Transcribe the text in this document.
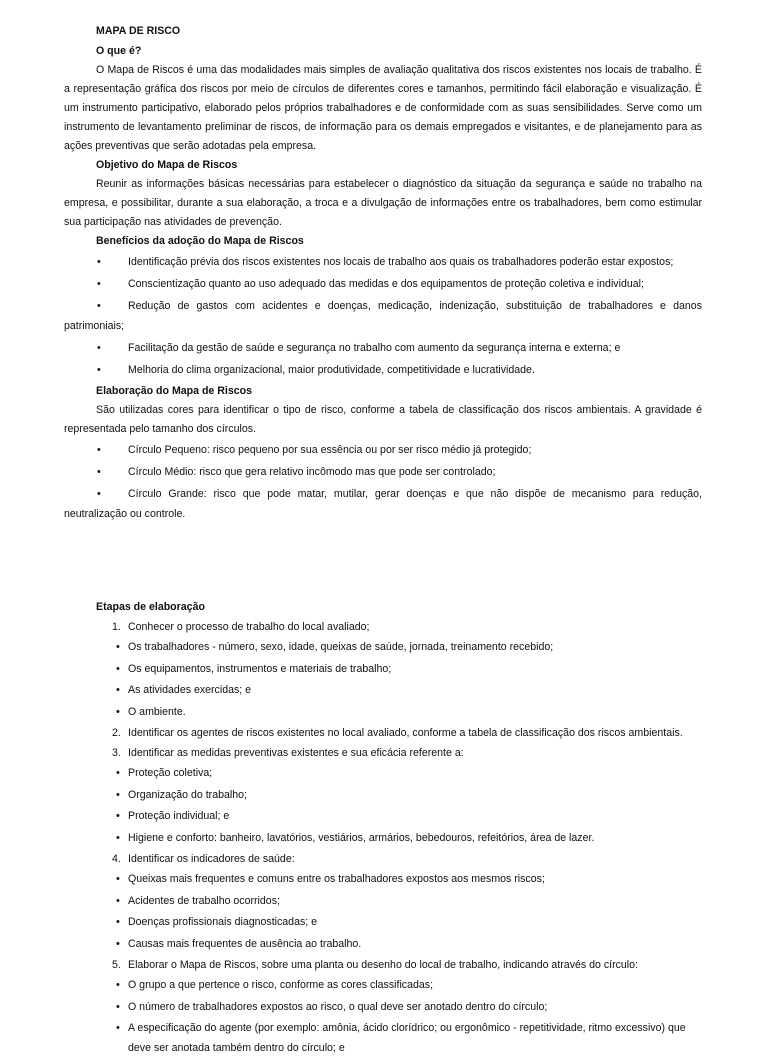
MAPA DE RISCO

O que é?

O Mapa de Riscos é uma das modalidades mais simples de avaliação qualitativa dos riscos existentes nos locais de trabalho. É a representação gráfica dos riscos por meio de círculos de diferentes cores e tamanhos, permitindo fácil elaboração e visualização. É um instrumento participativo, elaborado pelos próprios trabalhadores e de conformidade com as suas sensibilidades. Serve como um instrumento de levantamento preliminar de riscos, de informação para os demais empregados e visitantes, e de planejamento para as ações preventivas que serão adotadas pela empresa.

Objetivo do Mapa de Riscos

Reunir as informações básicas necessárias para estabelecer o diagnóstico da situação da segurança e saúde no trabalho na empresa, e possibilitar, durante a sua elaboração, a troca e a divulgação de informações entre os trabalhadores, bem como estimular sua participação nas atividades de prevenção.

Benefícios da adoção do Mapa de Riscos

•	Identificação prévia dos riscos existentes nos locais de trabalho aos quais os trabalhadores poderão estar expostos;

•	Conscientização quanto ao uso adequado das medidas e dos equipamentos de proteção coletiva e individual;

•	Redução de gastos com acidentes e doenças, medicação, indenização, substituição de trabalhadores e danos patrimoniais;

•	Facilitação da gestão de saúde e segurança no trabalho com aumento da segurança interna e externa; e

•	Melhoria do clima organizacional, maior produtividade, competitividade e lucratividade.

Elaboração do Mapa de Riscos

São utilizadas cores para identificar o tipo de risco, conforme a tabela de classificação dos riscos ambientais. A gravidade é representada pelo tamanho dos círculos.

•	Círculo Pequeno: risco pequeno por sua essência ou por ser risco médio já protegido;

•	Círculo Médio: risco que gera relativo incômodo mas que pode ser controlado;

•	Círculo Grande: risco que pode matar, mutilar, gerar doenças e que não dispõe de mecanismo para redução, neutralização ou controle.

Etapas de elaboração

1. Conhecer o processo de trabalho do local avaliado;

• Os trabalhadores - número, sexo, idade, queixas de saúde, jornada, treinamento recebido;

• Os equipamentos, instrumentos e materiais de trabalho;

• As atividades exercidas; e

• O ambiente.

2. Identificar os agentes de riscos existentes no local avaliado, conforme a tabela de classificação dos riscos ambientais.

3. Identificar as medidas preventivas existentes e sua eficácia referente a:

• Proteção coletiva;

• Organização do trabalho;

• Proteção individual; e

• Higiene e conforto: banheiro, lavatórios, vestiários, armários, bebedouros, refeitórios, área de lazer.

4. Identificar os indicadores de saúde:

• Queixas mais frequentes e comuns entre os trabalhadores expostos aos mesmos riscos;

• Acidentes de trabalho ocorridos;

• Doenças profissionais diagnosticadas; e

• Causas mais frequentes de ausência ao trabalho.

5. Elaborar o Mapa de Riscos, sobre uma planta ou desenho do local de trabalho, indicando através do círculo:

• O grupo a que pertence o risco, conforme as cores classificadas;

• O número de trabalhadores expostos ao risco, o qual deve ser anotado dentro do círculo;

• A especificação do agente (por exemplo: amônia, ácido clorídrico; ou ergonômico - repetitividade, ritmo excessivo) que deve ser anotada também dentro do círculo; e
